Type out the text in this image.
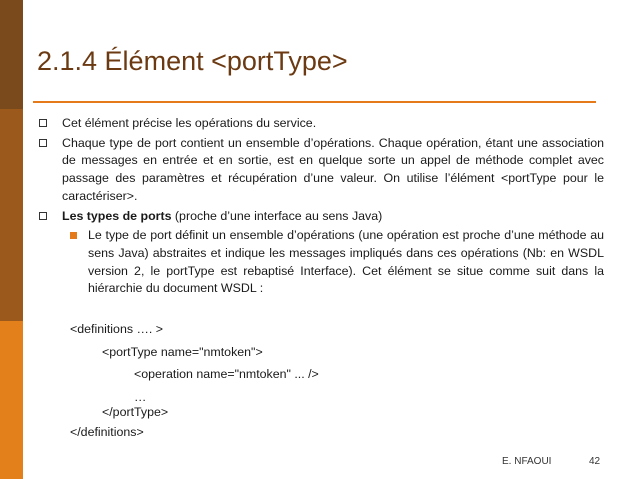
2.1.4 Élément <portType>
Cet élément précise les opérations du service.
Chaque type de port contient un ensemble d’opérations. Chaque opération, étant une association de messages en entrée et en sortie, est en quelque sorte un appel de méthode complet avec passage des paramètres et récupération d’une valeur. On utilise l’élément <portType pour le caractériser>.
Les types de ports (proche d’une interface au sens Java)
Le type de port définit un ensemble d’opérations (une opération est proche d’une méthode au sens Java) abstraites et indique les messages impliqués dans ces opérations (Nb: en WSDL version 2, le portType est rebaptisé Interface). Cet élément se situe comme suit dans la hiérarchie du document WSDL :
<definitions …. >
<portType name="nmtoken">
<operation name="nmtoken" ... />
…
</portType>
</definitions>
E. NFAOUI	42
